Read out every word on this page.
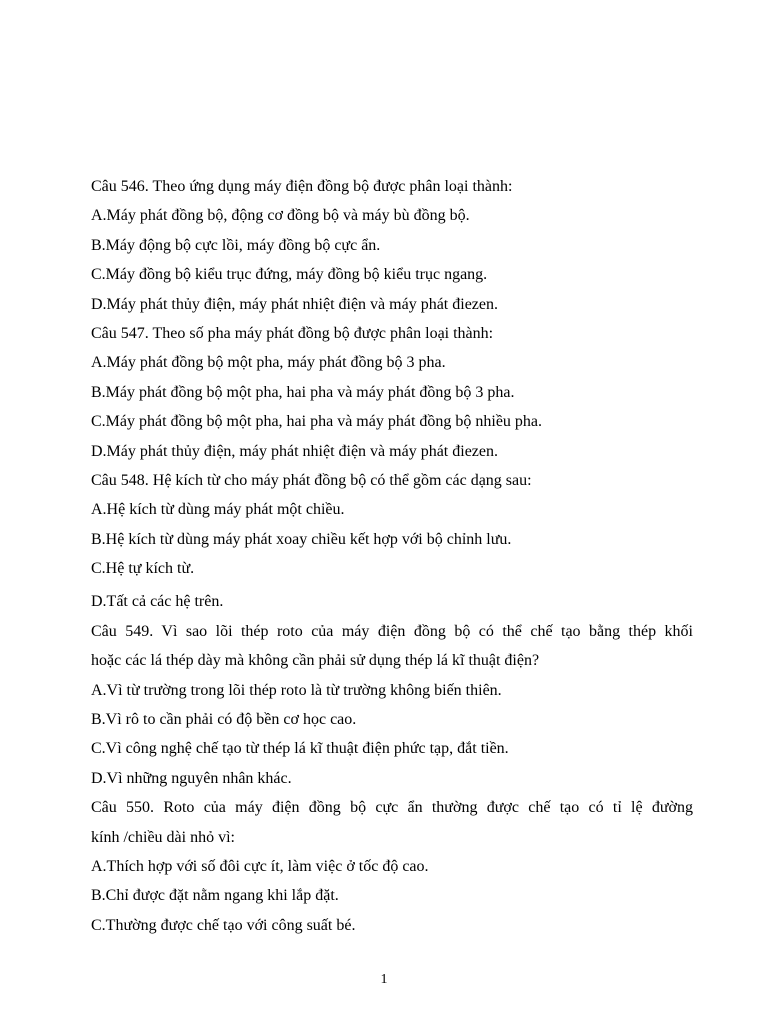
Câu 546. Theo ứng dụng máy điện đồng bộ được phân loại thành:
A.Máy phát đồng bộ, động cơ đồng bộ và máy bù đồng bộ.
B.Máy động bộ cực lồi, máy đồng bộ cực ẩn.
C.Máy đồng bộ kiểu trục đứng, máy đồng bộ kiểu trục ngang.
D.Máy phát thủy điện, máy phát nhiệt điện và máy phát điezen.
Câu 547. Theo số pha máy phát đồng bộ được phân loại thành:
A.Máy phát đồng bộ một pha, máy phát đồng bộ 3 pha.
B.Máy phát đồng bộ một pha, hai pha và máy phát đồng bộ 3 pha.
C.Máy phát đồng bộ một pha, hai pha và máy phát đồng bộ nhiều pha.
D.Máy phát thủy điện, máy phát nhiệt điện và máy phát điezen.
Câu 548. Hệ kích từ cho máy phát đồng bộ có thể gồm các dạng sau:
A.Hệ kích từ dùng máy phát một chiều.
B.Hệ kích từ dùng máy phát xoay chiều kết hợp với bộ chỉnh lưu.
C.Hệ tự kích từ.
D.Tất cả các hệ trên.
Câu 549. Vì sao lõi thép roto của máy điện đồng bộ có thể chế tạo bằng thép khối
hoặc các lá thép dày mà không cần phải sử dụng thép lá kĩ thuật điện?
A.Vì từ trường trong lõi thép roto là từ trường không biến thiên.
B.Vì rô to cần phải có độ bền cơ học cao.
C.Vì công nghệ chế tạo từ thép lá kĩ thuật điện phức tạp, đắt tiền.
D.Vì những nguyên nhân khác.
Câu 550. Roto của máy điện đồng bộ cực ẩn thường được chế tạo có tỉ lệ đường
kính /chiều dài nhỏ vì:
A.Thích hợp với số đôi cực ít, làm việc ở tốc độ cao.
B.Chỉ được đặt nằm ngang khi lắp đặt.
C.Thường được chế tạo với công suất bé.
1
